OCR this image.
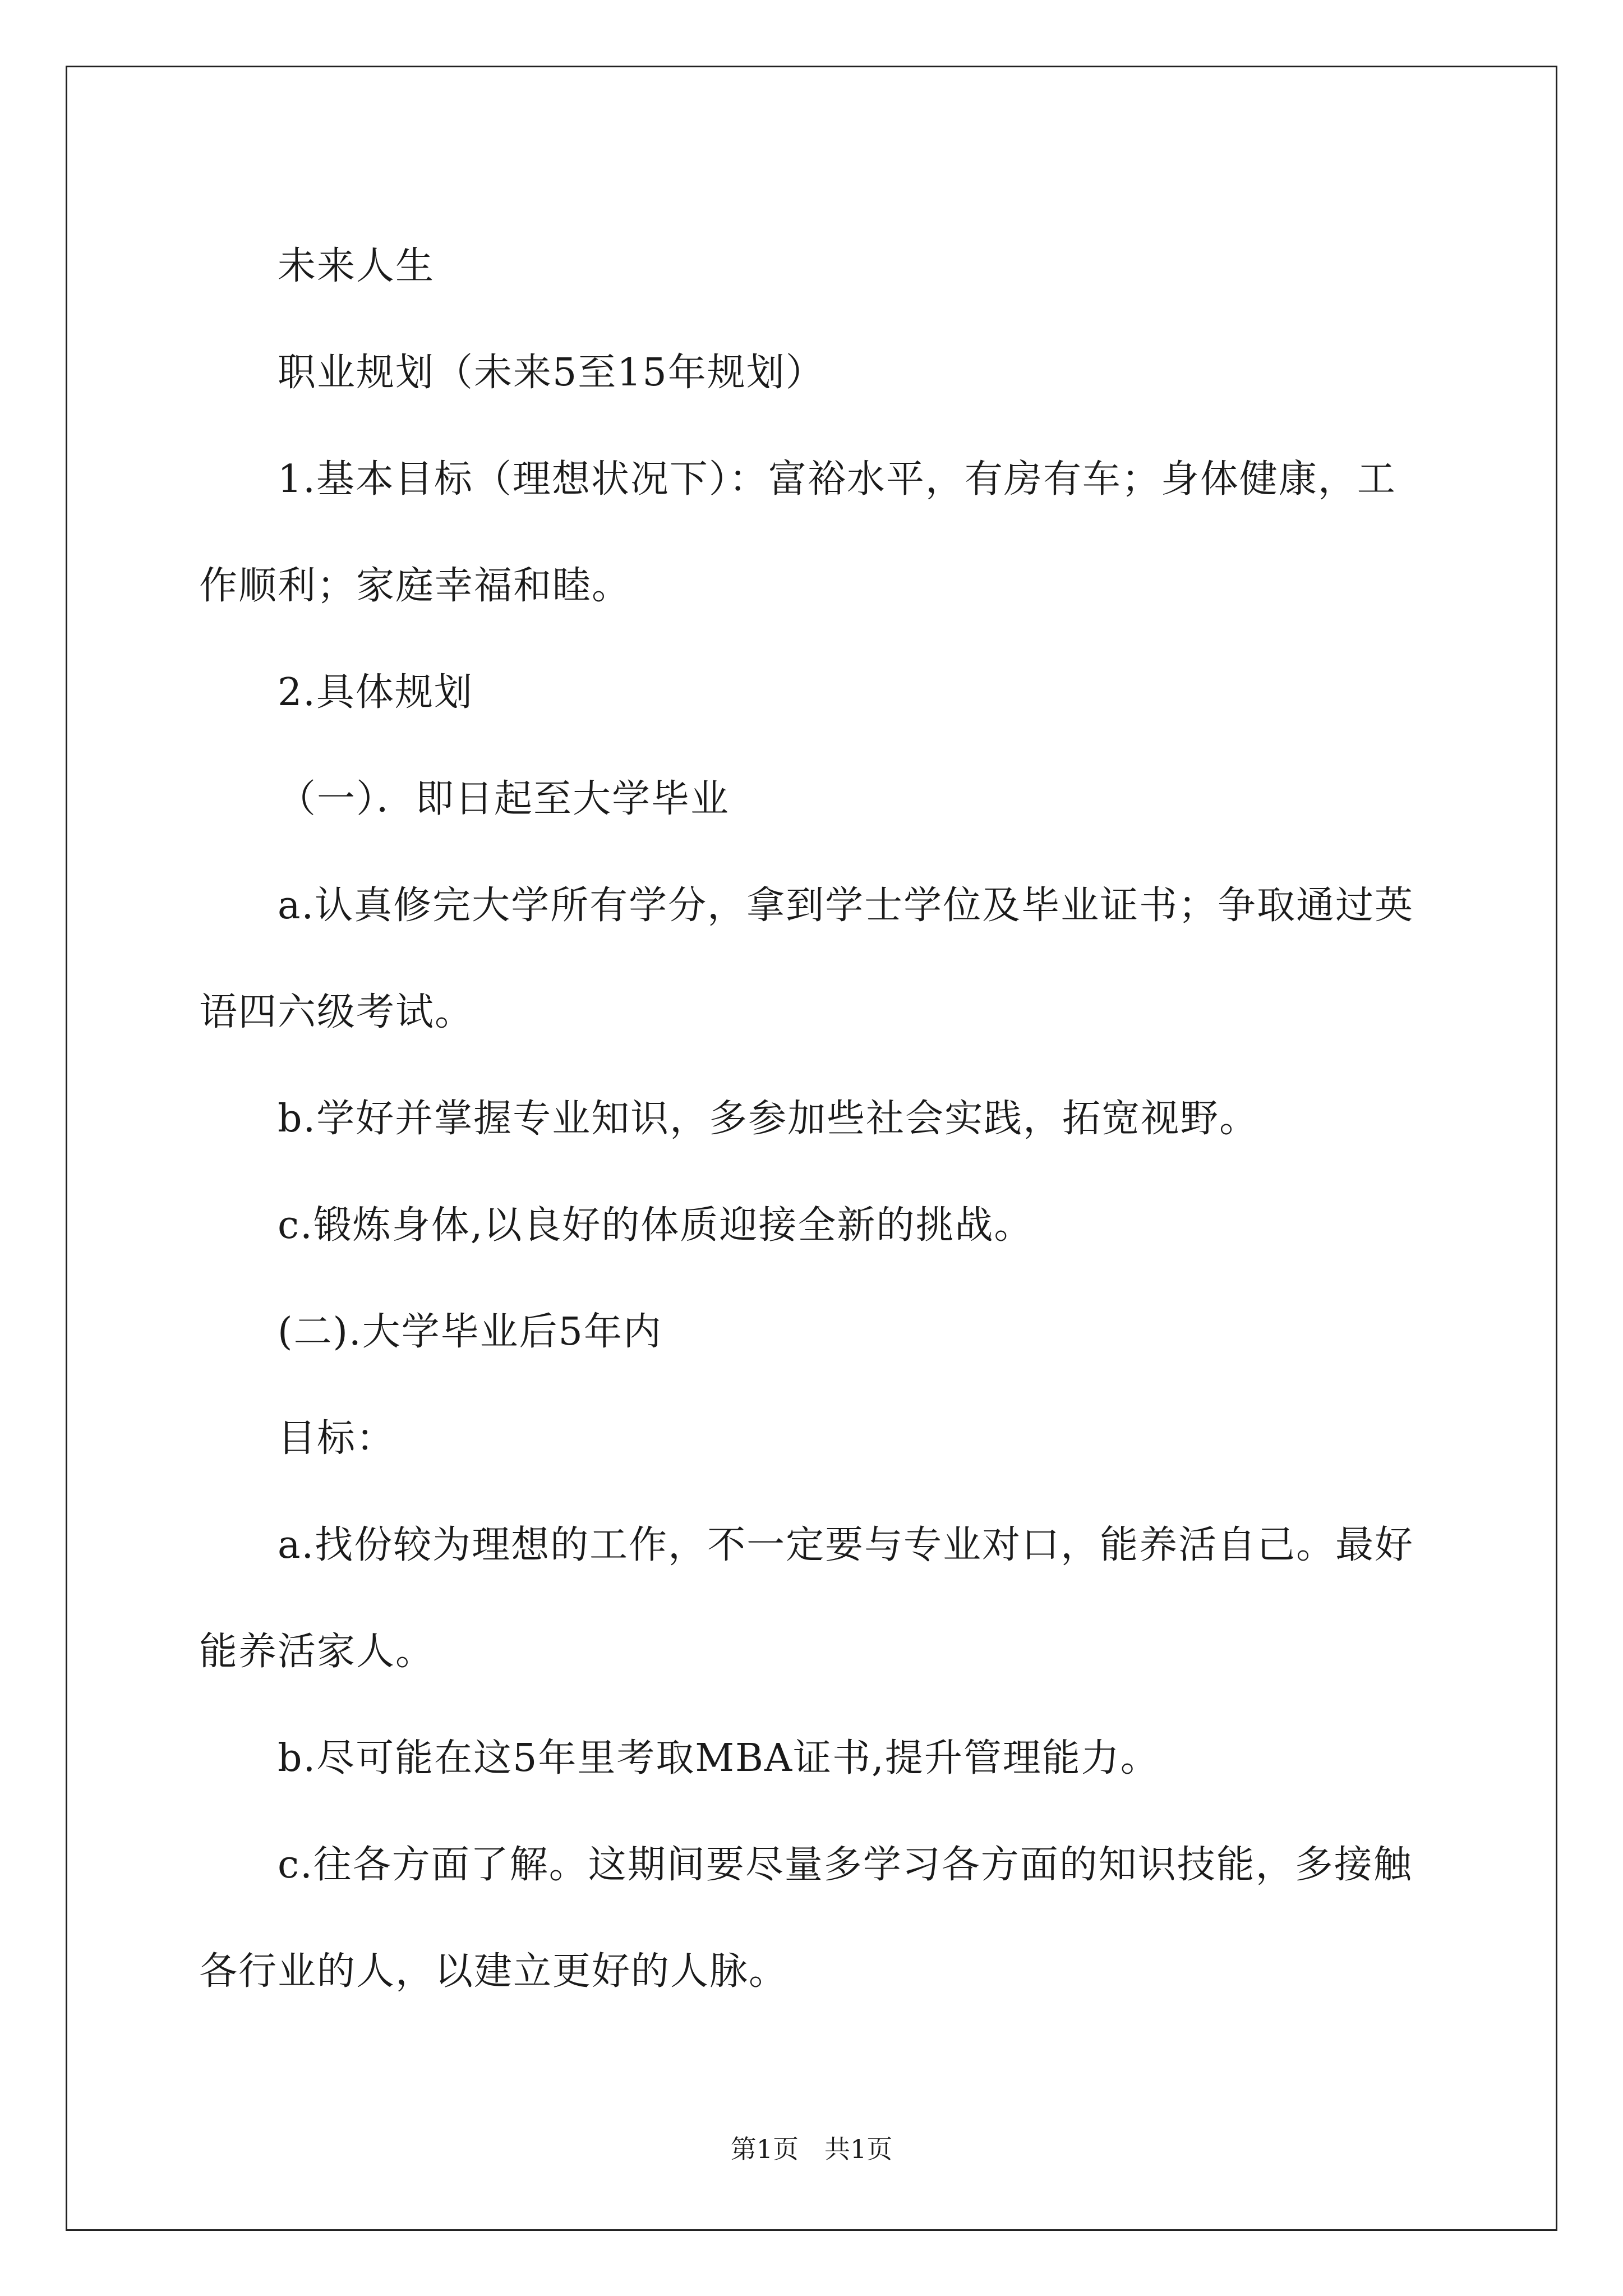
未来人生

职业规划（未来5至15年规划）

1.基本目标（理想状况下）：富裕水平，有房有车；身体健康，工作顺利；家庭幸福和睦。

2.具体规划

（一）．即日起至大学毕业

a.认真修完大学所有学分，拿到学士学位及毕业证书；争取通过英语四六级考试。

b.学好并掌握专业知识，多参加些社会实践，拓宽视野。

c.锻炼身体,以良好的体质迎接全新的挑战。

(二).大学毕业后5年内

目标：

a.找份较为理想的工作，不一定要与专业对口，能养活自己。最好能养活家人。

b.尽可能在这5年里考取MBA证书,提升管理能力。

c.往各方面了解。这期间要尽量多学习各方面的知识技能，多接触各行业的人，以建立更好的人脉。

第1页　共1页
